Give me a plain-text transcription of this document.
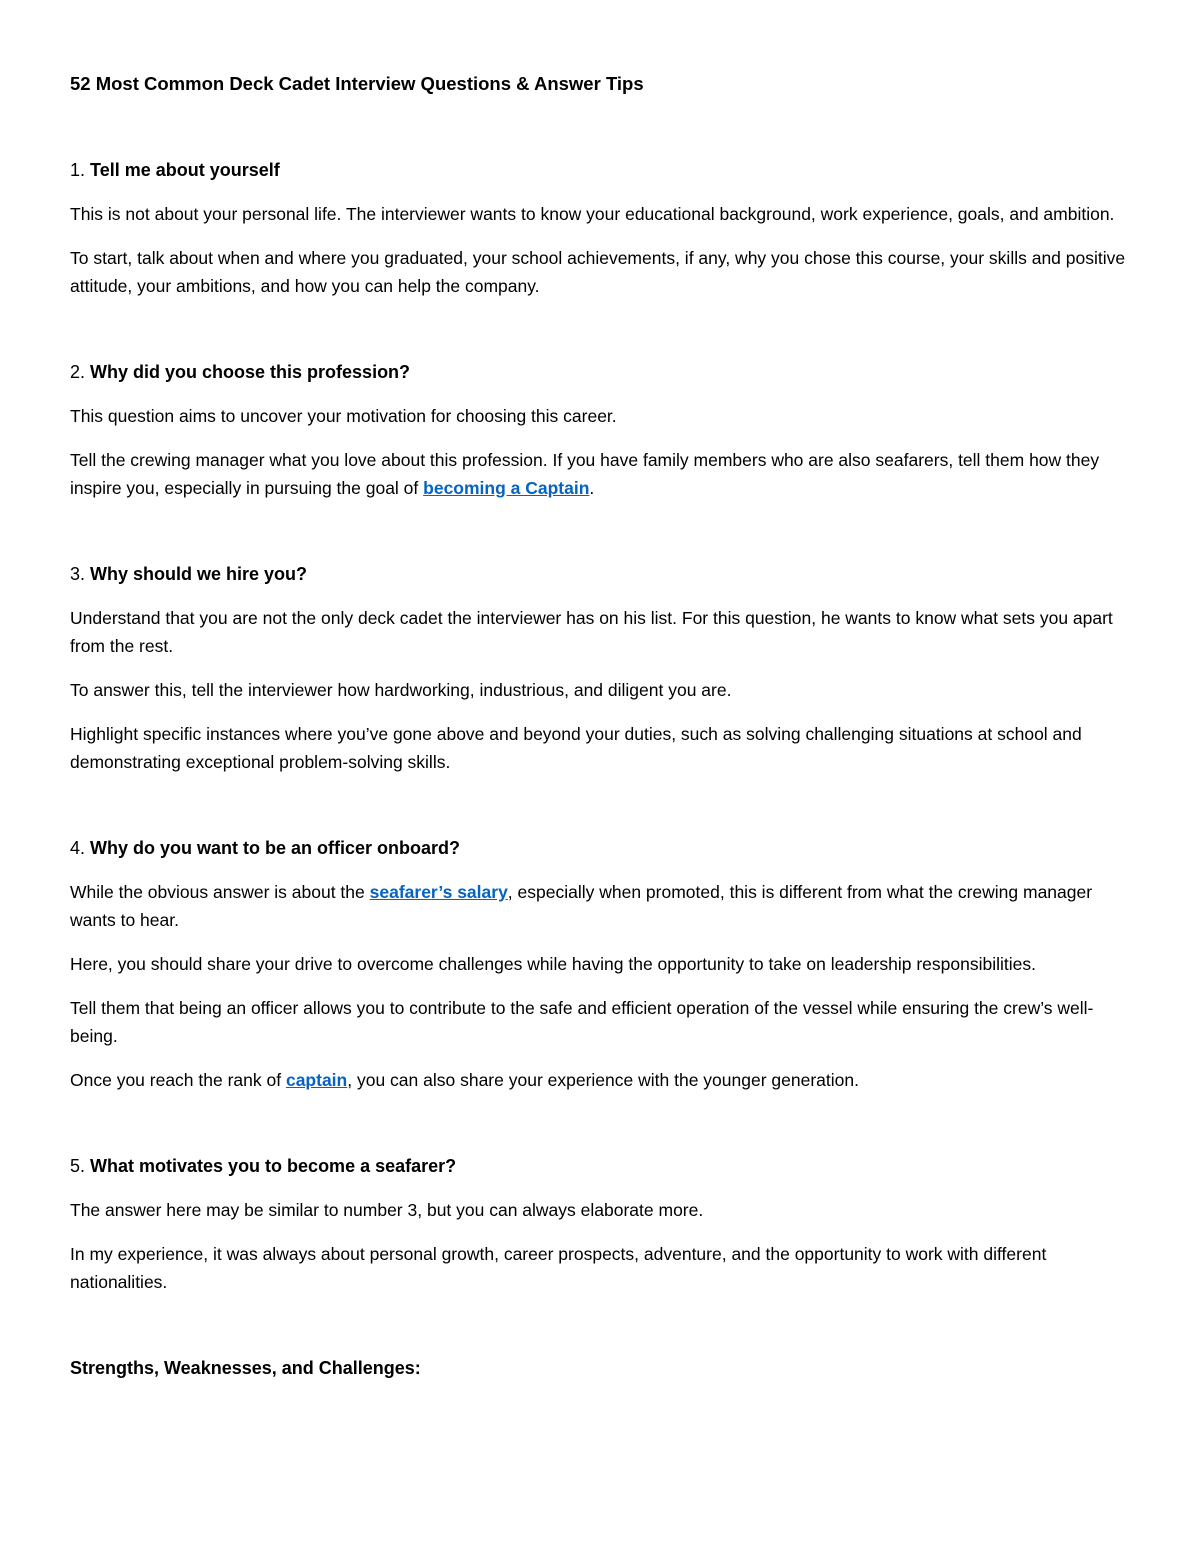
52 Most Common Deck Cadet Interview Questions & Answer Tips
1. Tell me about yourself

This is not about your personal life. The interviewer wants to know your educational background, work experience, goals, and ambition.

To start, talk about when and where you graduated, your school achievements, if any, why you chose this course, your skills and positive attitude, your ambitions, and how you can help the company.

2. Why did you choose this profession?

This question aims to uncover your motivation for choosing this career.

Tell the crewing manager what you love about this profession. If you have family members who are also seafarers, tell them how they inspire you, especially in pursuing the goal of becoming a Captain.

3. Why should we hire you?

Understand that you are not the only deck cadet the interviewer has on his list. For this question, he wants to know what sets you apart from the rest.

To answer this, tell the interviewer how hardworking, industrious, and diligent you are.

Highlight specific instances where you’ve gone above and beyond your duties, such as solving challenging situations at school and demonstrating exceptional problem-solving skills.

4. Why do you want to be an officer onboard?

While the obvious answer is about the seafarer’s salary, especially when promoted, this is different from what the crewing manager wants to hear.

Here, you should share your drive to overcome challenges while having the opportunity to take on leadership responsibilities.

Tell them that being an officer allows you to contribute to the safe and efficient operation of the vessel while ensuring the crew’s well-being.

Once you reach the rank of captain, you can also share your experience with the younger generation.

5. What motivates you to become a seafarer?

The answer here may be similar to number 3, but you can always elaborate more.

In my experience, it was always about personal growth, career prospects, adventure, and the opportunity to work with different nationalities.

Strengths, Weaknesses, and Challenges:
